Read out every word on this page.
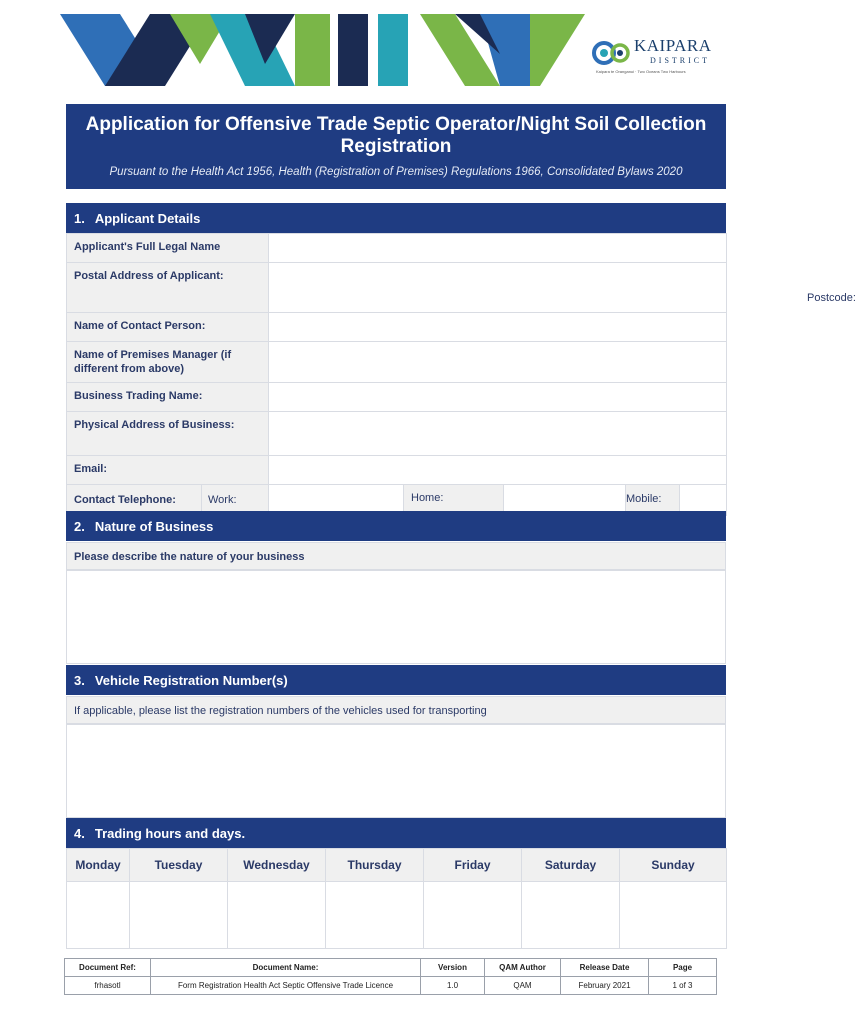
KAIPARA
DISTRICT
Kaipara te Oranganui · Two Oceans Two Harbours
Application for Offensive Trade Septic Operator/Night Soil Collection Registration
Pursuant to the Health Act 1956, Health (Registration of Premises) Regulations 1966, Consolidated Bylaws 2020
1. Applicant Details
Applicant's Full Legal Name				
Postal Address of Applicant:	Postcode:			

Name of Contact Person:				
Name of Premises Manager (if different from above)				
Business Trading Name:				
Physical Address of Business:				
Email:				

Contact Telephone: Work:		Home:		Mobile:
2. Nature of Business
Please describe the nature of your business
3. Vehicle Registration Number(s)
If applicable, please list the registration numbers of the vehicles used for transporting
4. Trading hours and days.
Monday	Tuesday	Wednesday	Thursday	Friday	Saturday	Sunday

Document Ref:	Document Name:	Version	QAM Author	Release Date	Page
frhasotl	Form Registration Health Act Septic Offensive Trade Licence	1.0	QAM	February 2021	1 of 3
